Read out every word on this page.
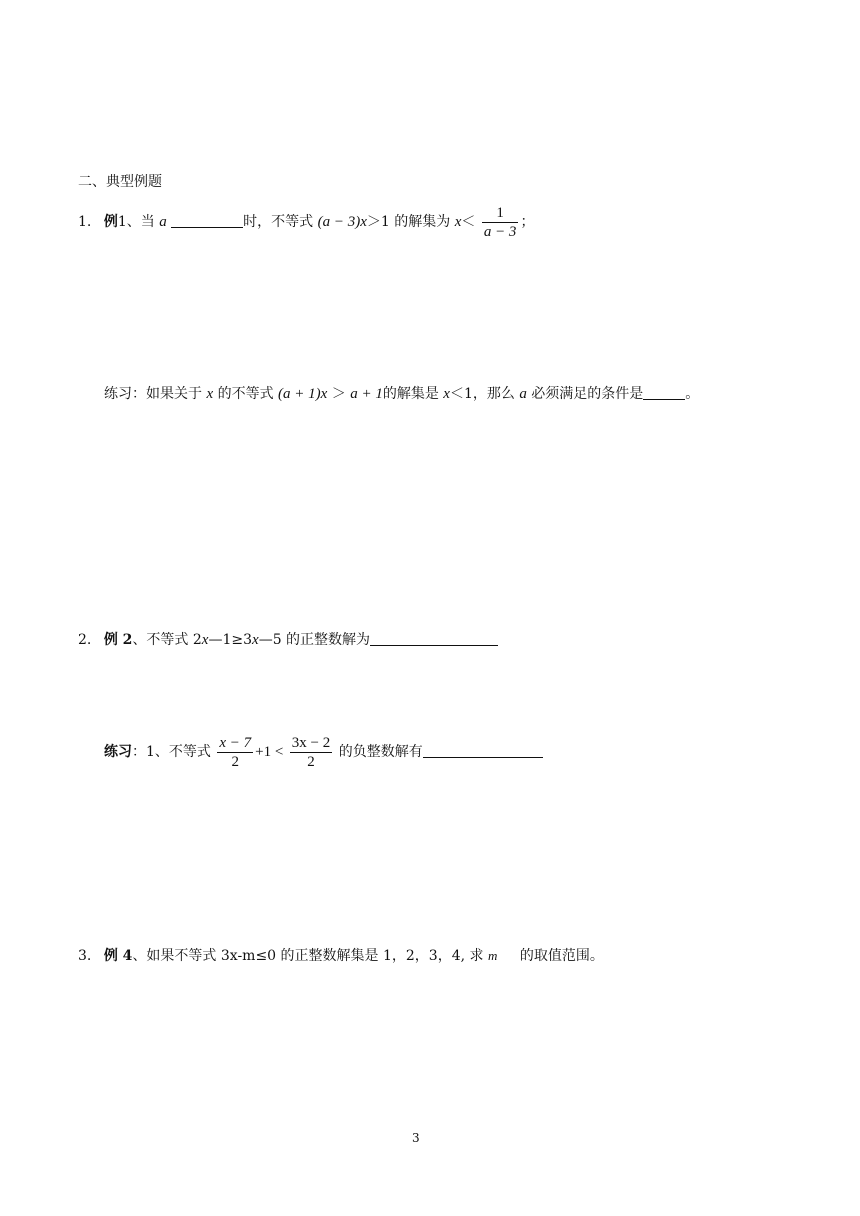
二、典型例题
1. 例1、当 a	时，不等式 (a − 3)x＞1 的解集为 $x< \frac{1}{a - 3}$ ；
练习：如果关于 x 的不等式 (a + 1)x ＞ a + 1的解集是 x＜1，那么 a 必须满足的条件是	。
2. 例 2、不等式 2x—1≥3x—5 的正整数解为
练习：1、不等式 $\frac{x - 7}{2} +1 < \frac{3x - 2}{2}$ 的负整数解有
3. 例 4、如果不等式 3x-m≤0 的正整数解集是 1，2，3，4, 求 m 的取值范围。
3
